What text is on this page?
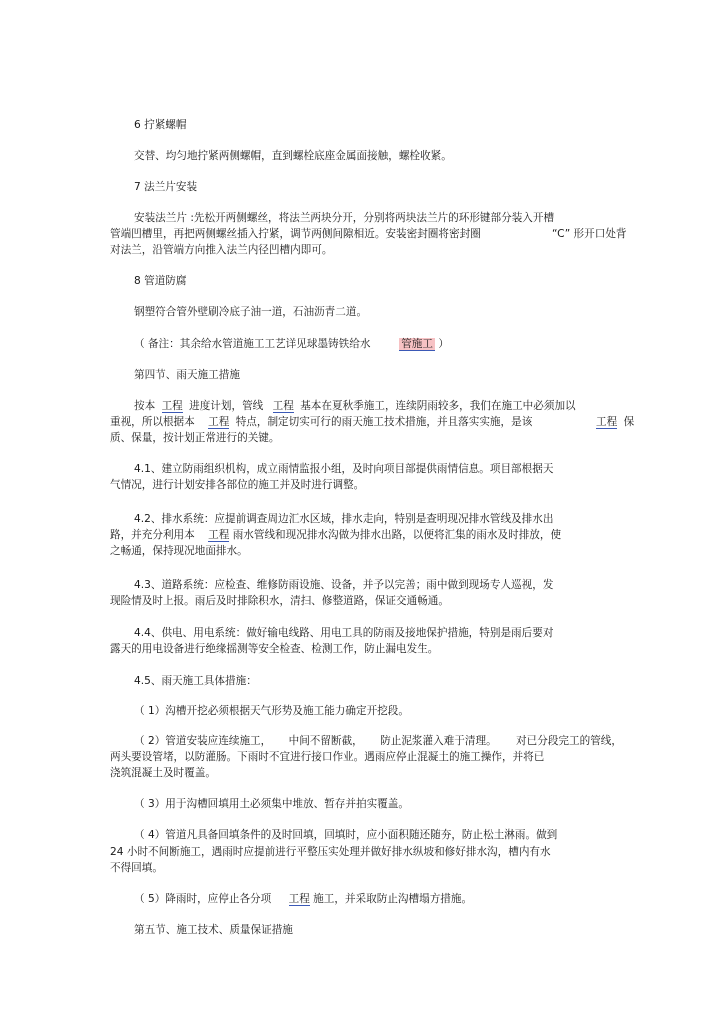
6 拧紧螺帽
交替、均匀地拧紧两侧螺帽，直到螺栓底座金属面接触，螺栓收紧。
7 法兰片安装
安装法兰片 :先松开两侧螺丝，将法兰两块分开，分别将两块法兰片的环形键部分装入开槽
管端凹槽里，再把两侧螺丝插入拧紧，调节两侧间隙相近。安装密封圈将密封圈	“C” 形开口处背
对法兰，沿管端方向推入法兰内径凹槽内即可。
8 管道防腐
钢塑符合管外壁刷冷底子油一道，石油沥青二道。
（ 备注：其余给水管道施工工艺详见球墨铸铁给水	管施工 ）
第四节、雨天施工措施
按本 工程 进度计划，管线 工程 基本在夏秋季施工，连续阴雨较多，我们在施工中必须加以
重视，所以根据本 工程 特点，制定切实可行的雨天施工技术措施，并且落实实施，是该	工程 保
质、保量，按计划正常进行的关键。
4.1、建立防雨组织机构，成立雨情监报小组，及时向项目部提供雨情信息。项目部根据天
气情况，进行计划安排各部位的施工并及时进行调整。
4.2、排水系统：应提前调查周边汇水区域，排水走向，特别是查明现况排水管线及排水出
路，并充分利用本 工程 雨水管线和现况排水沟做为排水出路，以便将汇集的雨水及时排放，使
之畅通，保持现况地面排水。
4.3、道路系统：应检查、维修防雨设施、设备，并予以完善；雨中做到现场专人巡视，发
现险情及时上报。雨后及时排除积水，清扫、修整道路，保证交通畅通。
4.4、供电、用电系统：做好输电线路、用电工具的防雨及接地保护措施，特别是雨后要对
露天的用电设备进行绝缘摇测等安全检查、检测工作，防止漏电发生。
4.5、雨天施工具体措施：
（ 1）沟槽开挖必须根据天气形势及施工能力确定开挖段。
（ 2）管道安装应连续施工， 中间不留断截， 防止泥浆灌入难于清理。 对已分段完工的管线，
两头要设管堵，以防灌肠。下雨时不宜进行接口作业。遇雨应停止混凝土的施工操作，并将已
浇筑混凝土及时覆盖。
（ 3）用于沟槽回填用土必须集中堆放、暂存并拍实覆盖。
（ 4）管道凡具备回填条件的及时回填，回填时，应小面积随还随夯，防止松土淋雨。做到
24 小时不间断施工，遇雨时应提前进行平整压实处理并做好排水纵坡和修好排水沟，槽内有水
不得回填。
（ 5）降雨时，应停止各分项 工程 施工，并采取防止沟槽塌方措施。
第五节、施工技术、质量保证措施
